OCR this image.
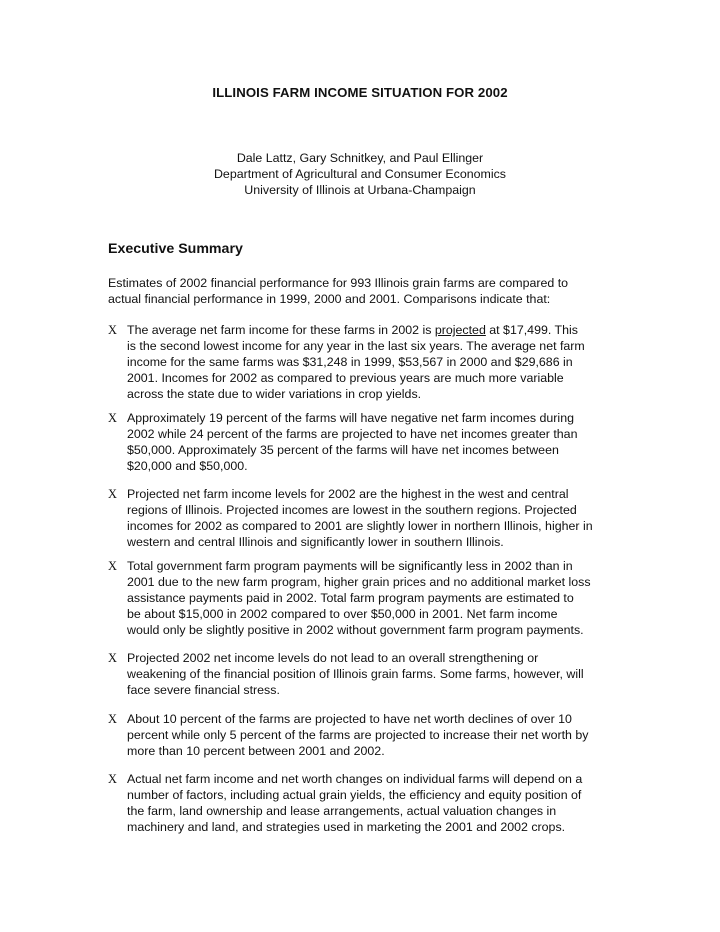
ILLINOIS FARM INCOME SITUATION FOR 2002
Dale Lattz, Gary Schnitkey, and Paul Ellinger
Department of Agricultural and Consumer Economics
University of Illinois at Urbana-Champaign
Executive Summary
Estimates of 2002 financial performance for 993 Illinois grain farms are compared to
actual financial performance in 1999, 2000 and 2001. Comparisons indicate that:
X The average net farm income for these farms in 2002 is projected at $17,499. This
is the second lowest income for any year in the last six years. The average net farm
income for the same farms was $31,248 in 1999, $53,567 in 2000 and $29,686 in
2001. Incomes for 2002 as compared to previous years are much more variable
across the state due to wider variations in crop yields.
X Approximately 19 percent of the farms will have negative net farm incomes during
2002 while 24 percent of the farms are projected to have net incomes greater than
$50,000. Approximately 35 percent of the farms will have net incomes between
$20,000 and $50,000.
X Projected net farm income levels for 2002 are the highest in the west and central
regions of Illinois. Projected incomes are lowest in the southern regions. Projected
incomes for 2002 as compared to 2001 are slightly lower in northern Illinois, higher in
western and central Illinois and significantly lower in southern Illinois.
X Total government farm program payments will be significantly less in 2002 than in
2001 due to the new farm program, higher grain prices and no additional market loss
assistance payments paid in 2002. Total farm program payments are estimated to
be about $15,000 in 2002 compared to over $50,000 in 2001. Net farm income
would only be slightly positive in 2002 without government farm program payments.
X Projected 2002 net income levels do not lead to an overall strengthening or
weakening of the financial position of Illinois grain farms. Some farms, however, will
face severe financial stress.
X About 10 percent of the farms are projected to have net worth declines of over 10
percent while only 5 percent of the farms are projected to increase their net worth by
more than 10 percent between 2001 and 2002.
X Actual net farm income and net worth changes on individual farms will depend on a
number of factors, including actual grain yields, the efficiency and equity position of
the farm, land ownership and lease arrangements, actual valuation changes in
machinery and land, and strategies used in marketing the 2001 and 2002 crops.
